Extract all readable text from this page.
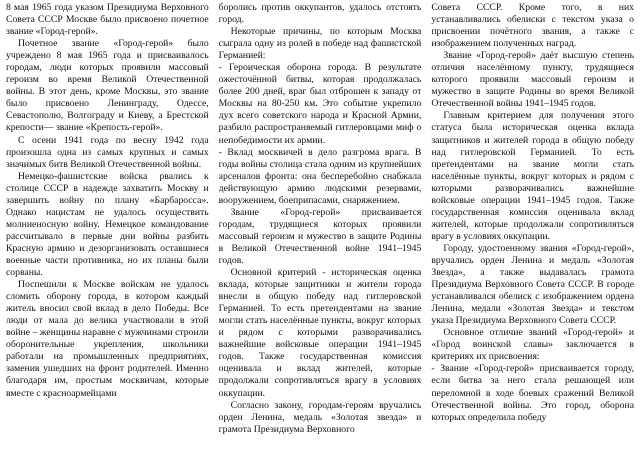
8 мая 1965 года указом Президиума Верховного Совета СССР Москве было присвоено почетное звание «Город-герой».

Почетное звание «Город-герой» было учреждено 8 мая 1965 года и присваивалось городам, люди которых проявили массовый героизм во время Великой Отечественной войны. В этот день, кроме Москвы, это звание было присвоено Ленинграду, Одессе, Севастополю, Волгограду и Киеву, а Брестской крепости— звание «Крепость-герой».

С осени 1941 года по весну 1942 года произошла одна из самых крупных и самых значимых битв Великой Отечественной войны.

Немецко-фашистские войска рвались к столице СССР в надежде захватить Москву и завершить войну по плану «Барбаросса». Однако нацистам не удалось осуществить молниеносную войну. Немецкое командование рассчитывало в первые дни войны разбить Красную армию и дезорганизовать оставшиеся военные части противника, но их планы были сорваны.

Поспешили к Москве войскам не удалось сломить оборону города, в котором каждый житель вносил свой вклад в дело Победы. Все люди от мала до велика участвовали в этой войне – женщины наравне с мужчинами строили оборонительные укрепления, школьники работали на промышленных предприятиях, заменив ушедших на фронт родителей. Именно благодаря им, простым москвичам, которые вместе с красноармейцами

боролись против оккупантов, удалось отстоять город.

Некоторые причины, по которым Москва сыграла одну из ролей в победе над фашистской Германией:

- Героическая оборона города. В результате ожесточённой битвы, которая продолжалась более 200 дней, враг был отброшен к западу от Москвы на 80-250 км. Это событие укрепило дух всего советского народа и Красной Армии, разбило распространяемый гитлеровцами миф о непобедимости их армии.

- Вклад москвичей в дело разгрома врага. В годы войны столица стала одним из крупнейших арсеналов фронта: она бесперебойно снабжала действующую армию людскими резервами, вооружением, боеприпасами, снаряжением.

Звание «Город-герой» присваивается городам, трудящиеся которых проявили массовый героизм и мужество в защите Родины в Великой Отечественной войне 1941–1945 годов.

Основной критерий - историческая оценка вклада, которые защитники и жители города внесли в общую победу над гитлеровской Германией. То есть претендентами на звание могли стать населённые пункты, вокруг которых и рядом с которыми разворачивались важнейшие войсковые операции 1941–1945 годов. Также государственная комиссия оценивала и вклад жителей, которые продолжали сопротивляться врагу в условиях оккупации.

Согласно закону, городам-героям вручались орден Ленина, медаль «Золотая звезда» и грамота Президиума Верховного

Совета СССР. Кроме того, в них устанавливались обелиски с текстом указа о присвоении почётного звания, а также с изображением полученных наград.

Звание «Город-герой» даёт высшую степень отличия населённому пункту, трудящиеся которого проявили массовый героизм и мужество в защите Родины во время Великой Отечественной войны 1941–1945 годов.

Главным критерием для получения этого статуса была историческая оценка вклада защитников и жителей города в общую победу над гитлеровской Германией. То есть претендентами на звание могли стать населённые пункты, вокруг которых и рядом с которыми разворачивались важнейшие войсковые операции 1941–1945 годов. Также государственная комиссия оценивала вклад жителей, которые продолжали сопротивляться врагу в условиях оккупации.

Городу, удостоенному звания «Город-герой», вручались орден Ленина и медаль «Золотая Звезда», а также выдавалась грамота Президиума Верховного Совета СССР. В городе устанавливался обелиск с изображением ордена Ленина, медали «Золотая Звезда» и текстом указа Президиума Верховного Совета СССР.

Основное отличие званий «Город-герой» и «Город воинской славы» заключается в критериях их присвоения:

- Звание «Город-герой» присваивается городу, если битва за него стала решающей или переломной в ходе боевых сражений Великой Отечественной войны. Это город, оборона которых определила победу
